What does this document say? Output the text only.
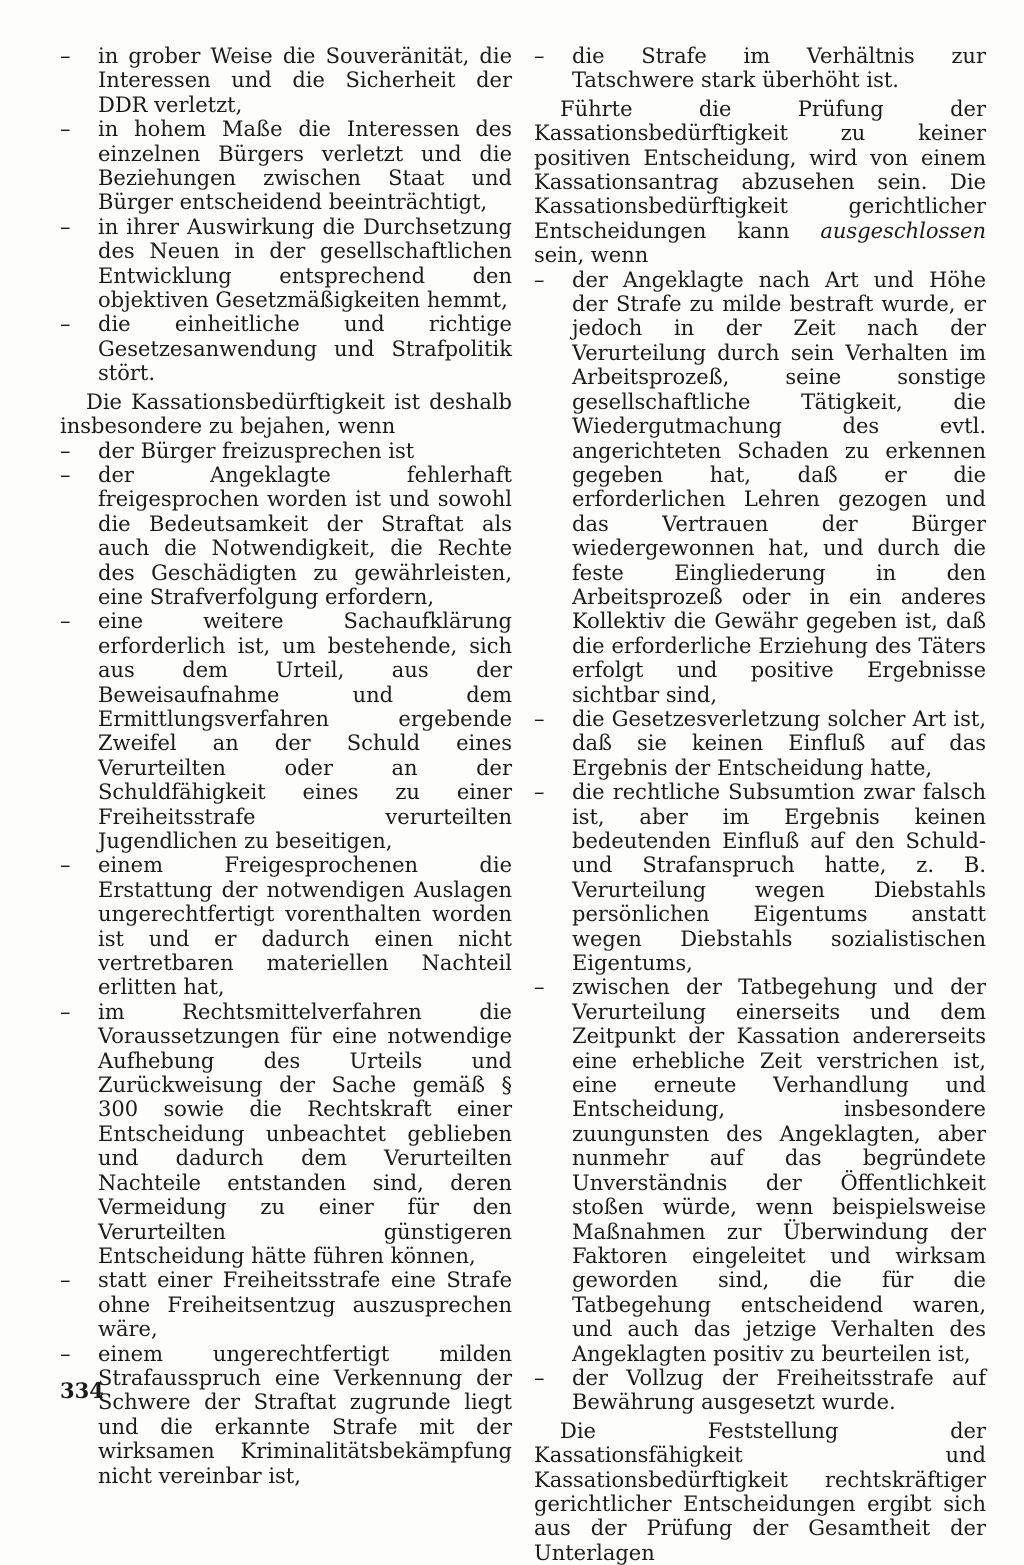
– in grober Weise die Souveränität, die Interessen und die Sicherheit der DDR verletzt,
– in hohem Maße die Interessen des einzelnen Bürgers verletzt und die Beziehungen zwischen Staat und Bürger entscheidend beeinträchtigt,
– in ihrer Auswirkung die Durchsetzung des Neuen in der gesellschaftlichen Entwicklung entsprechend den objektiven Gesetzmäßigkeiten hemmt,
– die einheitliche und richtige Gesetzesanwendung und Strafpolitik stört.
Die Kassationsbedürftigkeit ist deshalb insbesondere zu bejahen, wenn
– der Bürger freizusprechen ist
– der Angeklagte fehlerhaft freigesprochen worden ist und sowohl die Bedeutsamkeit der Straftat als auch die Notwendigkeit, die Rechte des Geschädigten zu gewährleisten, eine Strafverfolgung erfordern,
– eine weitere Sachaufklärung erforderlich ist, um bestehende, sich aus dem Urteil, aus der Beweisaufnahme und dem Ermittlungsverfahren ergebende Zweifel an der Schuld eines Verurteilten oder an der Schuldfähigkeit eines zu einer Freiheitsstrafe verurteilten Jugendlichen zu beseitigen,
– einem Freigesprochenen die Erstattung der notwendigen Auslagen ungerechtfertigt vorenthalten worden ist und er dadurch einen nicht vertretbaren materiellen Nachteil erlitten hat,
– im Rechtsmittelverfahren die Voraussetzungen für eine notwendige Aufhebung des Urteils und Zurückweisung der Sache gemäß § 300 sowie die Rechtskraft einer Entscheidung unbeachtet geblieben und dadurch dem Verurteilten Nachteile entstanden sind, deren Vermeidung zu einer für den Verurteilten günstigeren Entscheidung hätte führen können,
– statt einer Freiheitsstrafe eine Strafe ohne Freiheitsentzug auszusprechen wäre,
– einem ungerechtfertigt milden Strafausspruch eine Verkennung der Schwere der Straftat zugrunde liegt und die erkannte Strafe mit der wirksamen Kriminalitätsbekämpfung nicht vereinbar ist,
– die Strafe im Verhältnis zur Tatschwere stark überhöht ist.
Führte die Prüfung der Kassationsbedürftigkeit zu keiner positiven Entscheidung, wird von einem Kassationsantrag abzusehen sein. Die Kassationsbedürftigkeit gerichtlicher Entscheidungen kann ausgeschlossen sein, wenn
– der Angeklagte nach Art und Höhe der Strafe zu milde bestraft wurde, er jedoch in der Zeit nach der Verurteilung durch sein Verhalten im Arbeitsprozeß, seine sonstige gesellschaftliche Tätigkeit, die Wiedergutmachung des evtl. angerichteten Schaden zu erkennen gegeben hat, daß er die erforderlichen Lehren gezogen und das Vertrauen der Bürger wiedergewonnen hat, und durch die feste Eingliederung in den Arbeitsprozeß oder in ein anderes Kollektiv die Gewähr gegeben ist, daß die erforderliche Erziehung des Täters erfolgt und positive Ergebnisse sichtbar sind,
– die Gesetzesverletzung solcher Art ist, daß sie keinen Einfluß auf das Ergebnis der Entscheidung hatte,
– die rechtliche Subsumtion zwar falsch ist, aber im Ergebnis keinen bedeutenden Einfluß auf den Schuld- und Strafanspruch hatte, z. B. Verurteilung wegen Diebstahls persönlichen Eigentums anstatt wegen Diebstahls sozialistischen Eigentums,
– zwischen der Tatbegehung und der Verurteilung einerseits und dem Zeitpunkt der Kassation andererseits eine erhebliche Zeit verstrichen ist, eine erneute Verhandlung und Entscheidung, insbesondere zuungunsten des Angeklagten, aber nunmehr auf das begründete Unverständnis der Öffentlichkeit stoßen würde, wenn beispielsweise Maßnahmen zur Überwindung der Faktoren eingeleitet und wirksam geworden sind, die für die Tatbegehung entscheidend waren, und auch das jetzige Verhalten des Angeklagten positiv zu beurteilen ist,
– der Vollzug der Freiheitsstrafe auf Bewährung ausgesetzt wurde.
Die Feststellung der Kassationsfähigkeit und Kassationsbedürftigkeit rechtskräftiger gerichtlicher Entscheidungen ergibt sich aus der Prüfung der Gesamtheit der Unterlagen
334
